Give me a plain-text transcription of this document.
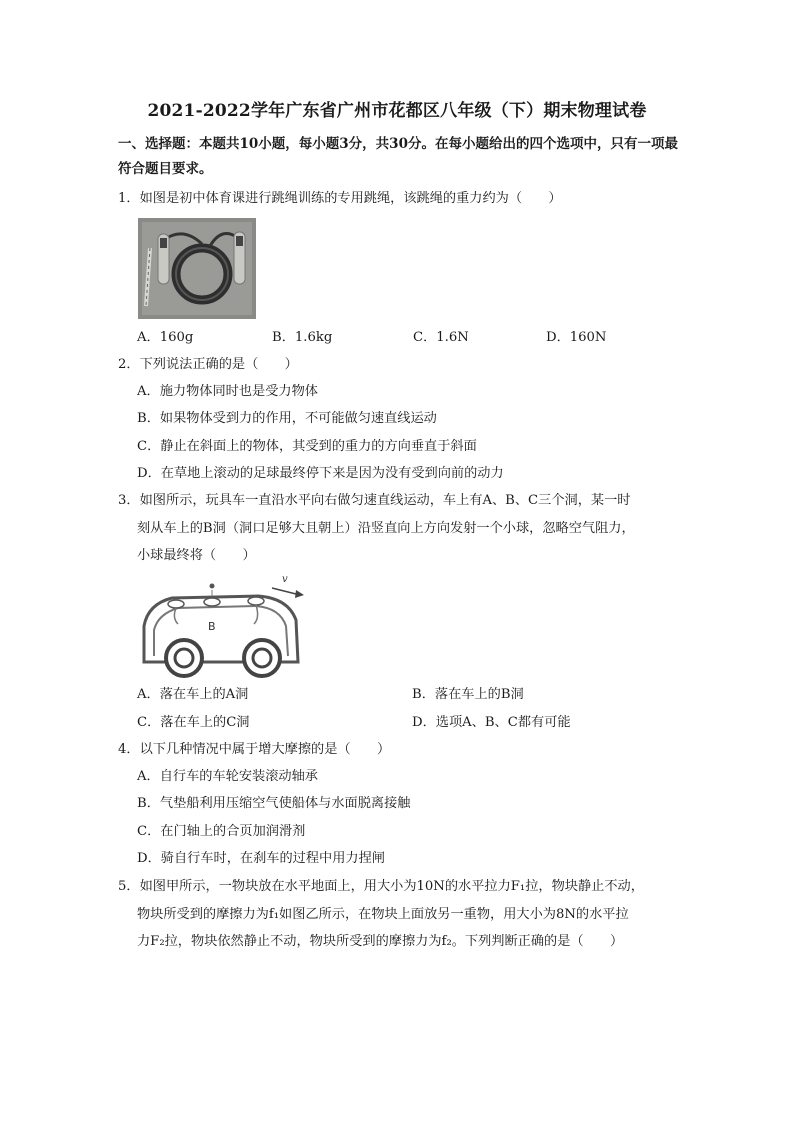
2021-2022学年广东省广州市花都区八年级（下）期末物理试卷
一、选择题：本题共10小题，每小题3分，共30分。在每小题给出的四个选项中，只有一项最符合题目要求。
1．如图是初中体育课进行跳绳训练的专用跳绳，该跳绳的重力约为（　　）
A．160g	B．1.6kg	C．1.6N	D．160N
2．下列说法正确的是（　　）
A．施力物体同时也是受力物体
B．如果物体受到力的作用，不可能做匀速直线运动
C．静止在斜面上的物体，其受到的重力的方向垂直于斜面
D．在草地上滚动的足球最终停下来是因为没有受到向前的动力
3．如图所示，玩具车一直沿水平向右做匀速直线运动，车上有A、B、C三个洞，某一时
刻从车上的B洞（洞口足够大且朝上）沿竖直向上方向发射一个小球，忽略空气阻力，
小球最终将（　　）
v
B
A．落在车上的A洞	B．落在车上的B洞
C．落在车上的C洞	D．选项A、B、C都有可能
4．以下几种情况中属于增大摩擦的是（　　）
A．自行车的车轮安装滚动轴承
B．气垫船利用压缩空气使船体与水面脱离接触
C．在门轴上的合页加润滑剂
D．骑自行车时，在刹车的过程中用力捏闸
5．如图甲所示，一物块放在水平地面上，用大小为10N的水平拉力F₁拉，物块静止不动，
物块所受到的摩擦力为f₁如图乙所示，在物块上面放另一重物，用大小为8N的水平拉
力F₂拉，物块依然静止不动，物块所受到的摩擦力为f₂。下列判断正确的是（　　）
